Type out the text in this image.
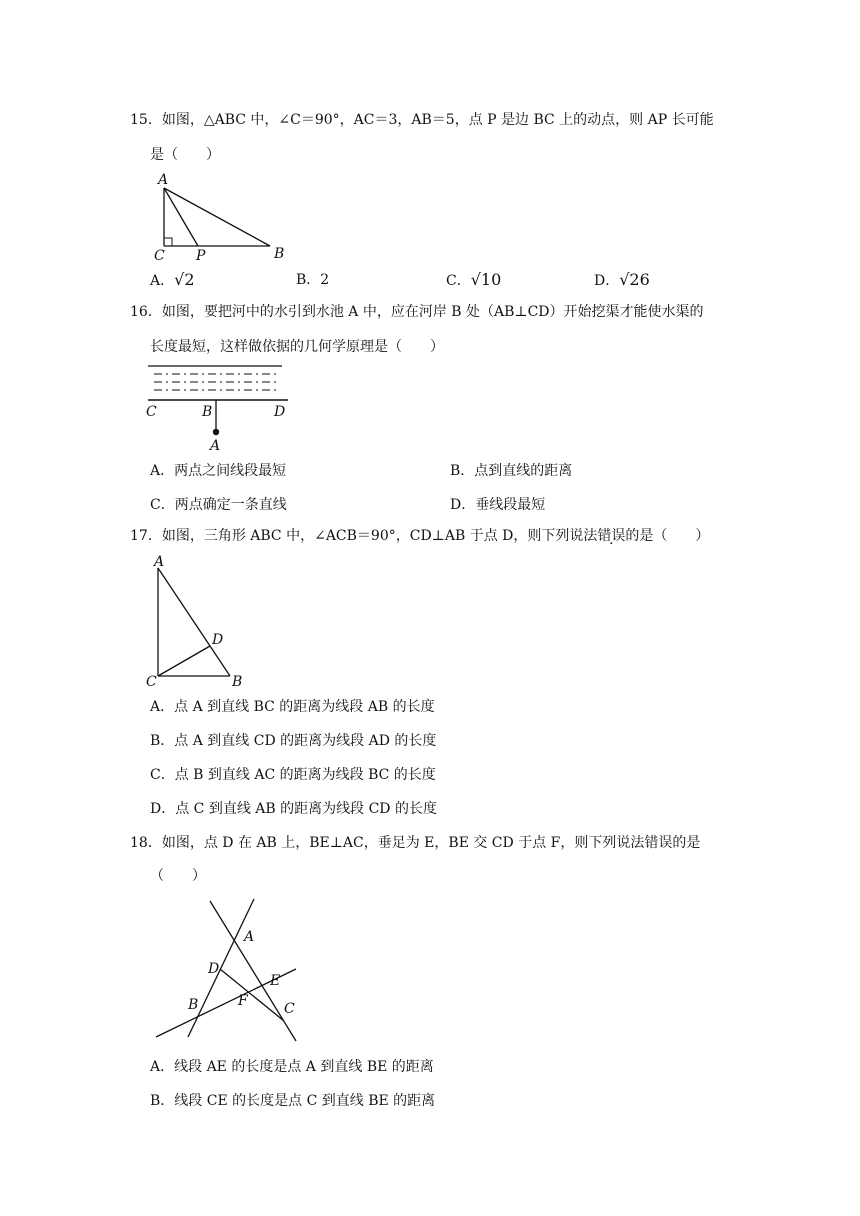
15．如图，△ABC 中，∠C＝90°，AC＝3，AB＝5，点 P 是边 BC 上的动点，则 AP 长可能
是（　　）
A
C P	B
A．√2	B．2	C．√10	D．√26
16．如图，要把河中的水引到水池 A 中，应在河岸 B 处（AB⊥CD）开始挖渠才能使水渠的
长度最短，这样做依据的几何学原理是（　　）
C	B	D
A
A．两点之间线段最短	B．点到直线的距离
C．两点确定一条直线	D．垂线段最短
17．如图，三角形 ABC 中，∠ACB＝90°，CD⊥AB 于点 D，则下列说法错误的是（　　）
A
D
C	B
A．点 A 到直线 BC 的距离为线段 AB 的长度
B．点 A 到直线 CD 的距离为线段 AD 的长度
C．点 B 到直线 AC 的距离为线段 BC 的长度
D．点 C 到直线 AB 的距离为线段 CD 的长度
18．如图，点 D 在 AB 上，BE⊥AC，垂足为 E，BE 交 CD 于点 F，则下列说法错误的是
（　　）
A
D
E
B	F	C
A．线段 AE 的长度是点 A 到直线 BE 的距离
B．线段 CE 的长度是点 C 到直线 BE 的距离
